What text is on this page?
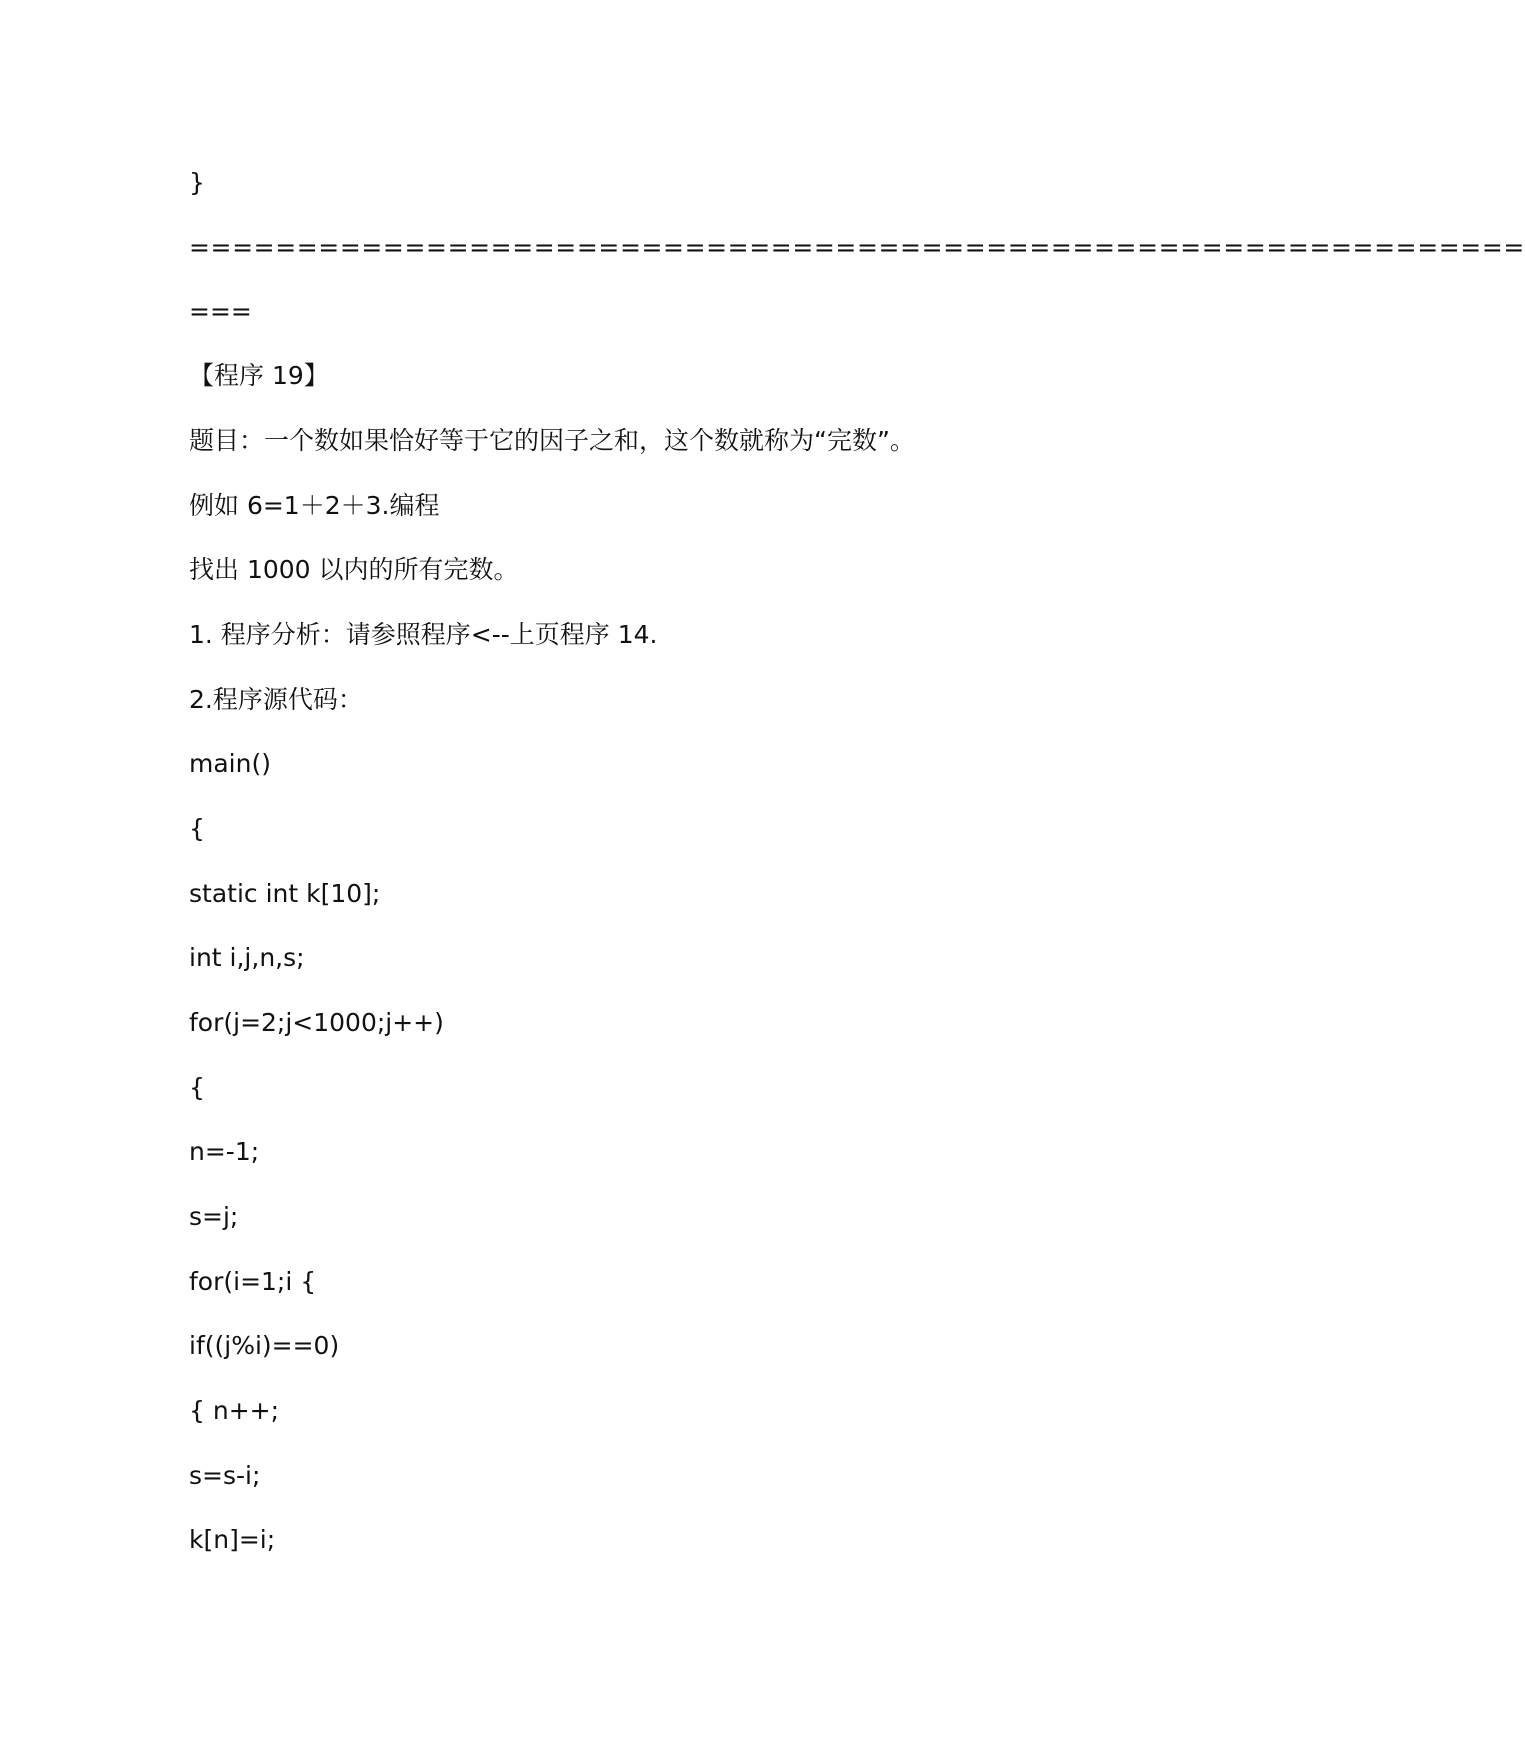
}
==============================================================
===
【程序 19】
题目：一个数如果恰好等于它的因子之和，这个数就称为“完数”。
例如 6=1＋2＋3.编程
找出 1000 以内的所有完数。
1. 程序分析：请参照程序<--上页程序 14.
2.程序源代码：
main()
{
static int k[10];
int i,j,n,s;
for(j=2;j<1000;j++)
{
n=-1;
s=j;
for(i=1;i {
if((j%i)==0)
{ n++;
s=s-i;
k[n]=i;
